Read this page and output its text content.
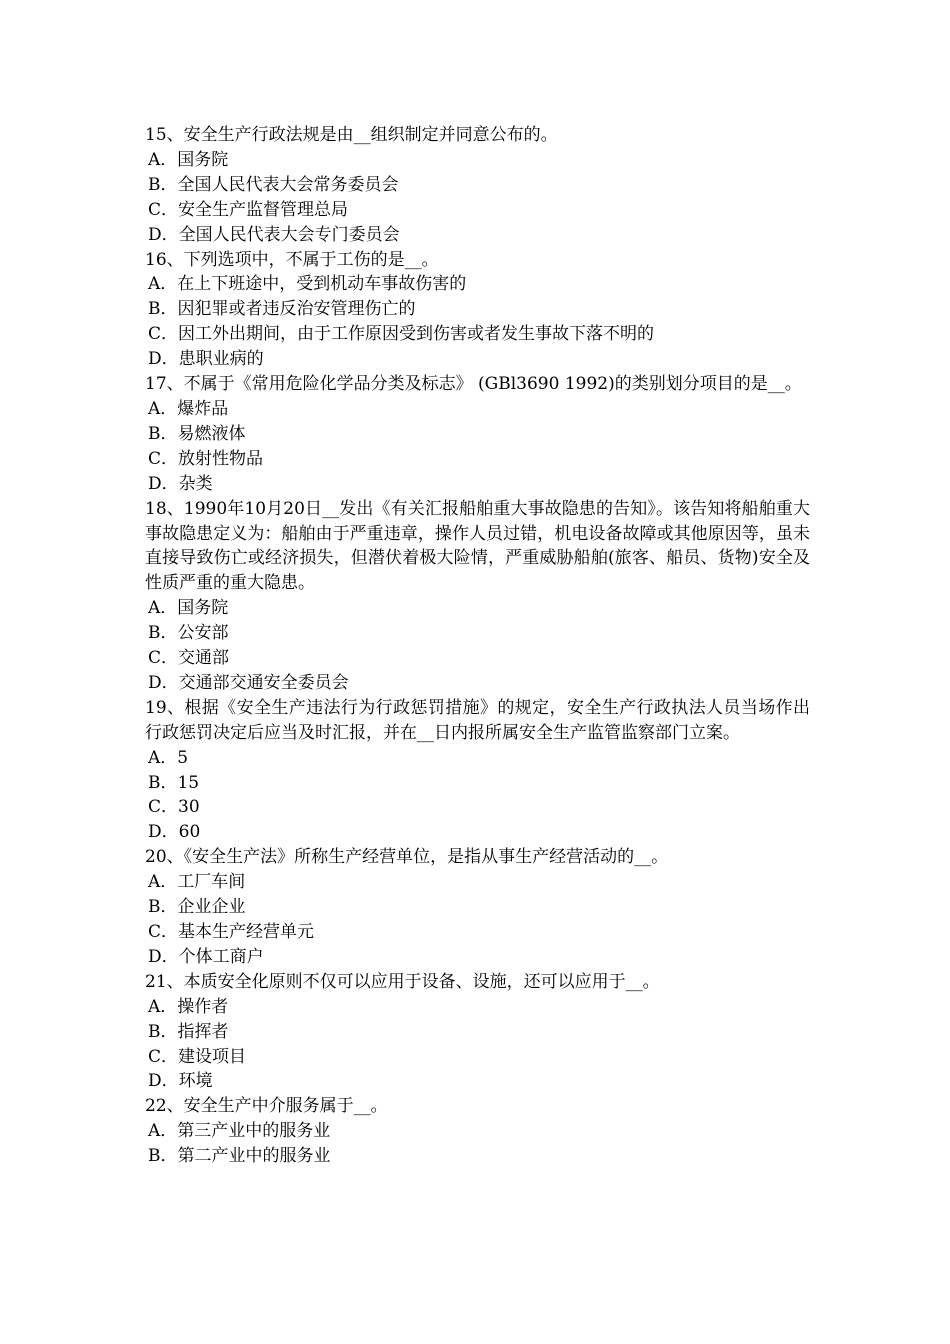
15、安全生产行政法规是由__组织制定并同意公布的。

A．国务院

B．全国人民代表大会常务委员会

C．安全生产监督管理总局

D．全国人民代表大会专门委员会

16、下列选项中，不属于工伤的是__。

A．在上下班途中，受到机动车事故伤害的

B．因犯罪或者违反治安管理伤亡的

C．因工外出期间，由于工作原因受到伤害或者发生事故下落不明的

D．患职业病的

17、不属于《常用危险化学品分类及标志》 (GBl3690 1992)的类别划分项目的是__。

A．爆炸品

B．易燃液体

C．放射性物品

D．杂类

18、1990年10月20日__发出《有关汇报船舶重大事故隐患的告知》。该告知将船舶重大事故隐患定义为：船舶由于严重违章，操作人员过错，机电设备故障或其他原因等，虽未直接导致伤亡或经济损失，但潜伏着极大险情，严重威胁船舶(旅客、船员、货物)安全及性质严重的重大隐患。

A．国务院

B．公安部

C．交通部

D．交通部交通安全委员会

19、根据《安全生产违法行为行政惩罚措施》的规定，安全生产行政执法人员当场作出行政惩罚决定后应当及时汇报，并在__日内报所属安全生产监管监察部门立案。

A．5

B．15

C．30

D．60

20、《安全生产法》所称生产经营单位，是指从事生产经营活动的__。

A．工厂车间

B．企业企业

C．基本生产经营单元

D．个体工商户

21、本质安全化原则不仅可以应用于设备、设施，还可以应用于__。

A．操作者

B．指挥者

C．建设项目

D．环境

22、安全生产中介服务属于__。

A．第三产业中的服务业

B．第二产业中的服务业
